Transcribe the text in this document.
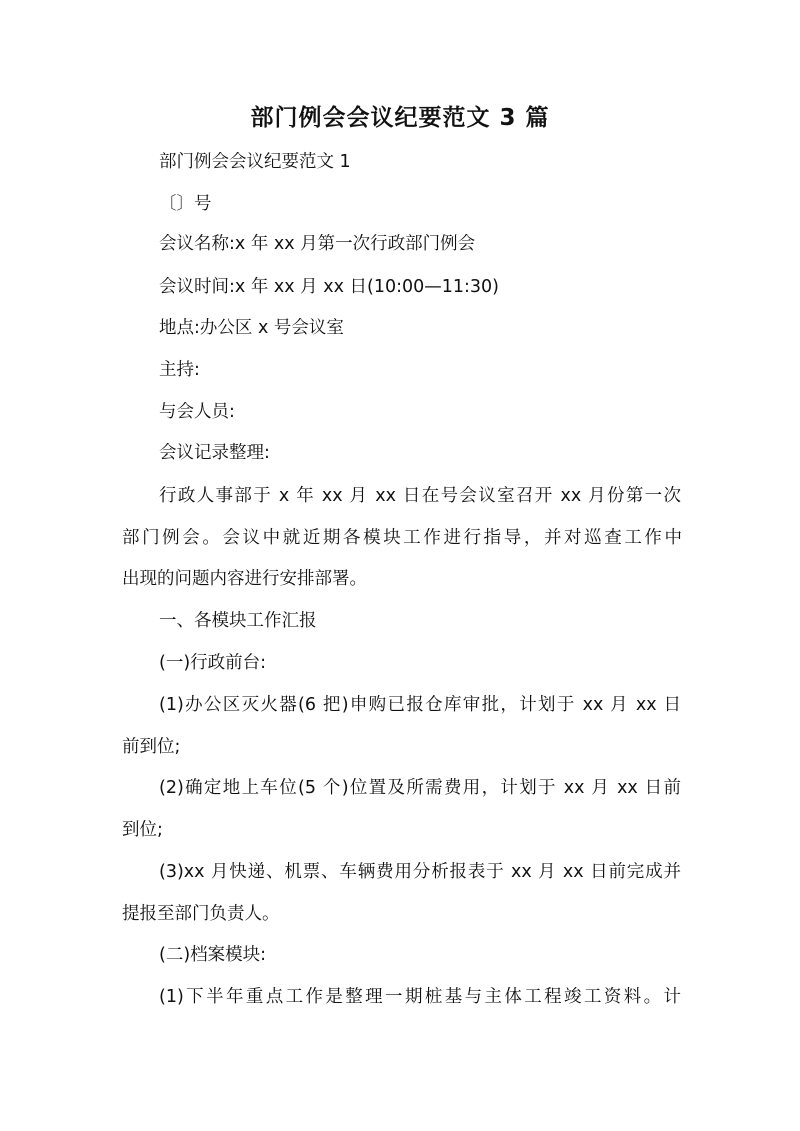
部门例会会议纪要范文 3 篇
部门例会会议纪要范文 1
〔〕号
会议名称:x 年 xx 月第一次行政部门例会
会议时间:x 年 xx 月 xx 日(10:00—11:30)
地点:办公区 x 号会议室
主持:
与会人员:
会议记录整理:
行政人事部于 x 年 xx 月 xx 日在号会议室召开 xx 月份第一次
部门例会。会议中就近期各模块工作进行指导，并对巡查工作中
出现的问题内容进行安排部署。
一、各模块工作汇报
(一)行政前台:
(1)办公区灭火器(6 把)申购已报仓库审批，计划于 xx 月 xx 日
前到位;
(2)确定地上车位(5 个)位置及所需费用，计划于 xx 月 xx 日前
到位;
(3)xx 月快递、机票、车辆费用分析报表于 xx 月 xx 日前完成并
提报至部门负责人。
(二)档案模块:
(1)下半年重点工作是整理一期桩基与主体工程竣工资料。计
